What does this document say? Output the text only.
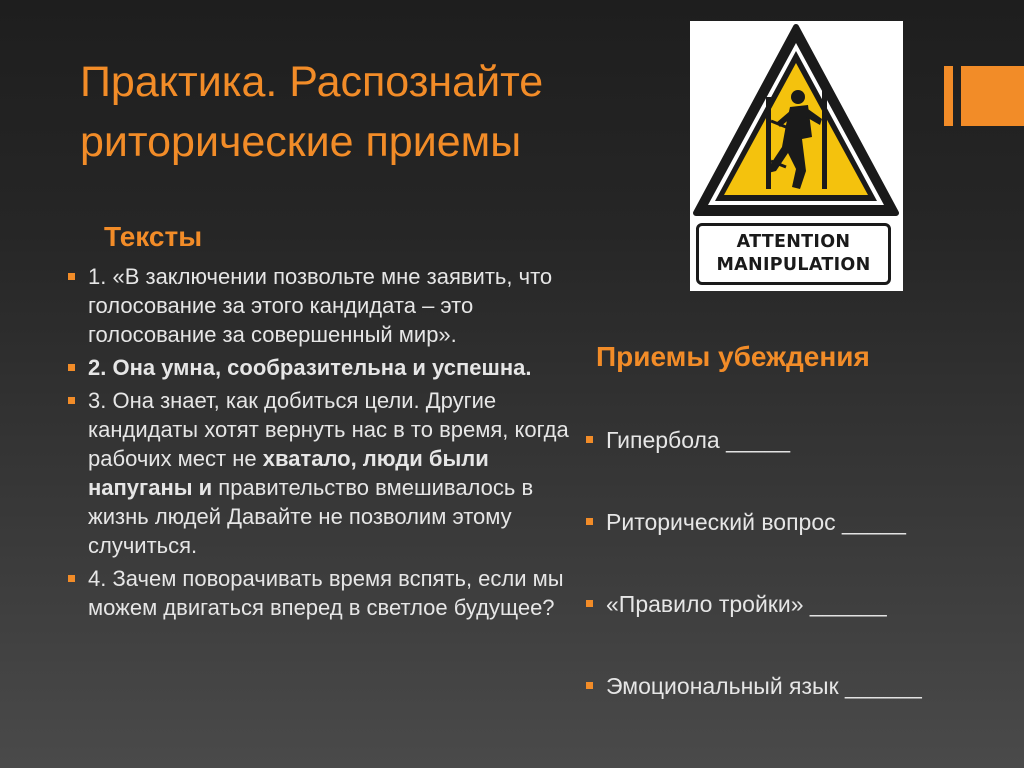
Практика. Распознайте риторические приемы
ATTENTION
MANIPULATION
Тексты
1. «В заключении позвольте мне заявить, что голосование за этого кандидата – это голосование за совершенный мир».
2. Она умна, сообразительна и успешна.
3. Она знает, как добиться цели. Другие кандидаты хотят вернуть нас в то время, когда рабочих мест не хватало, люди были напуганы и правительство вмешивалось в жизнь людей Давайте не позволим этому случиться.
4. Зачем поворачивать время вспять, если мы можем двигаться вперед в светлое будущее?
Приемы убеждения
Гипербола _____
Риторический вопрос _____
«Правило тройки» ______
Эмоциональный язык ______
